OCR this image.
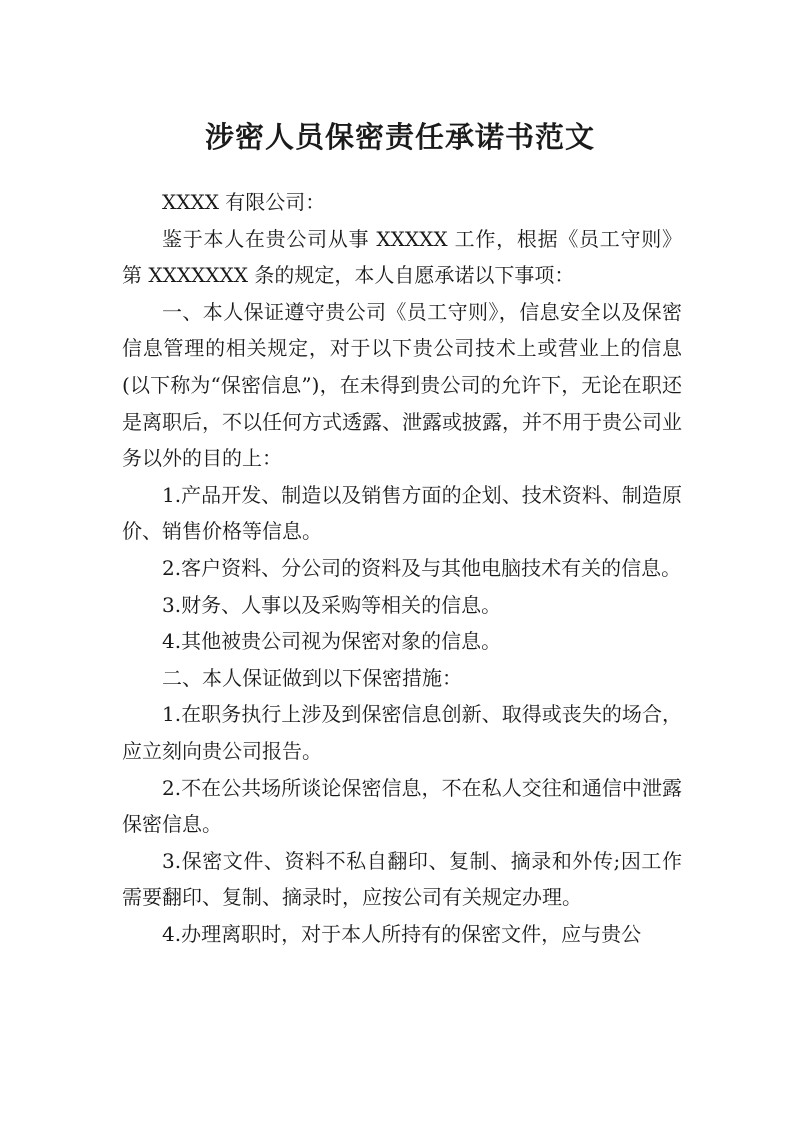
涉密人员保密责任承诺书范文

XXXX 有限公司：

鉴于本人在贵公司从事 XXXXX 工作，根据《员工守则》第 XXXXXXX 条的规定，本人自愿承诺以下事项：

一、本人保证遵守贵公司《员工守则》，信息安全以及保密信息管理的相关规定，对于以下贵公司技术上或营业上的信息(以下称为“保密信息”)，在未得到贵公司的允许下，无论在职还是离职后，不以任何方式透露、泄露或披露，并不用于贵公司业务以外的目的上：

1.产品开发、制造以及销售方面的企划、技术资料、制造原价、销售价格等信息。

2.客户资料、分公司的资料及与其他电脑技术有关的信息。

3.财务、人事以及采购等相关的信息。

4.其他被贵公司视为保密对象的信息。

二、本人保证做到以下保密措施：

1.在职务执行上涉及到保密信息创新、取得或丧失的场合，应立刻向贵公司报告。

2.不在公共场所谈论保密信息，不在私人交往和通信中泄露保密信息。

3.保密文件、资料不私自翻印、复制、摘录和外传;因工作需要翻印、复制、摘录时，应按公司有关规定办理。

4.办理离职时，对于本人所持有的保密文件，应与贵公
